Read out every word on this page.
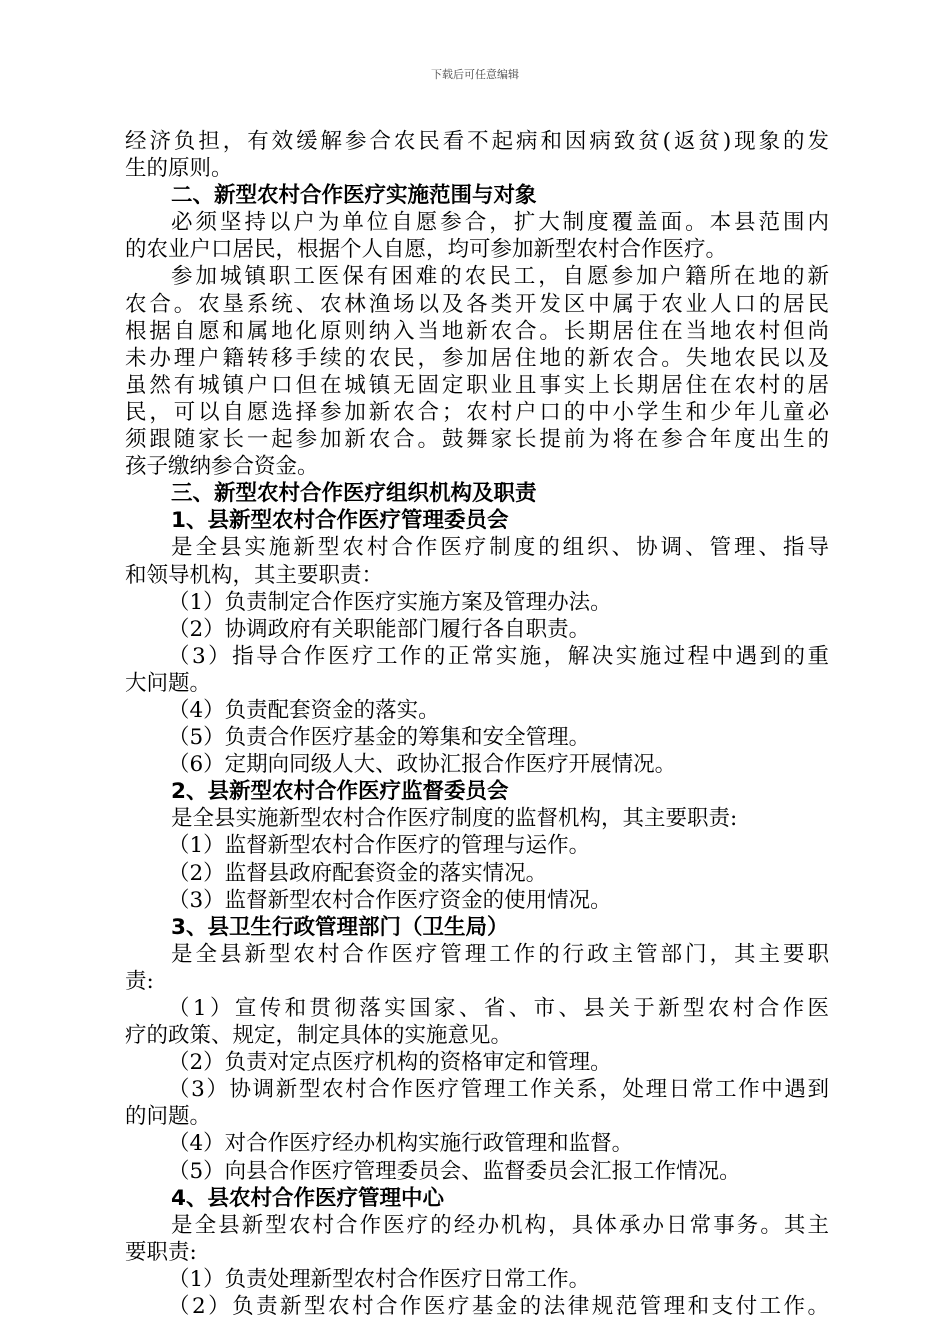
下载后可任意编辑
经济负担，有效缓解参合农民看不起病和因病致贫(返贫)现象的发
生的原则。
二、新型农村合作医疗实施范围与对象
必须坚持以户为单位自愿参合，扩大制度覆盖面。本县范围内
的农业户口居民，根据个人自愿，均可参加新型农村合作医疗。
参加城镇职工医保有困难的农民工，自愿参加户籍所在地的新
农合。农垦系统、农林渔场以及各类开发区中属于农业人口的居民
根据自愿和属地化原则纳入当地新农合。长期居住在当地农村但尚
未办理户籍转移手续的农民，参加居住地的新农合。失地农民以及
虽然有城镇户口但在城镇无固定职业且事实上长期居住在农村的居
民，可以自愿选择参加新农合；农村户口的中小学生和少年儿童必
须跟随家长一起参加新农合。鼓舞家长提前为将在参合年度出生的
孩子缴纳参合资金。
三、新型农村合作医疗组织机构及职责
1、县新型农村合作医疗管理委员会
是全县实施新型农村合作医疗制度的组织、协调、管理、指导
和领导机构，其主要职责：
（1）负责制定合作医疗实施方案及管理办法。
（2）协调政府有关职能部门履行各自职责。
（3）指导合作医疗工作的正常实施，解决实施过程中遇到的重
大问题。
（4）负责配套资金的落实。
（5）负责合作医疗基金的筹集和安全管理。
（6）定期向同级人大、政协汇报合作医疗开展情况。
2、县新型农村合作医疗监督委员会
是全县实施新型农村合作医疗制度的监督机构，其主要职责:
（1）监督新型农村合作医疗的管理与运作。
（2）监督县政府配套资金的落实情况。
（3）监督新型农村合作医疗资金的使用情况。
3、县卫生行政管理部门（卫生局）
是全县新型农村合作医疗管理工作的行政主管部门，其主要职
责:
（1）宣传和贯彻落实国家、省、市、县关于新型农村合作医
疗的政策、规定，制定具体的实施意见。
（2）负责对定点医疗机构的资格审定和管理。
（3）协调新型农村合作医疗管理工作关系，处理日常工作中遇到
的问题。
（4）对合作医疗经办机构实施行政管理和监督。
（5）向县合作医疗管理委员会、监督委员会汇报工作情况。
4、县农村合作医疗管理中心
是全县新型农村合作医疗的经办机构，具体承办日常事务。其主
要职责:
（1）负责处理新型农村合作医疗日常工作。
（2）负责新型农村合作医疗基金的法律规范管理和支付工作。
